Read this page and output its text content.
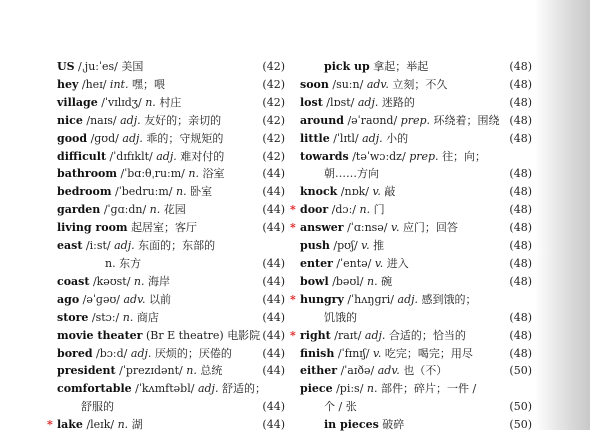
US /ˌjuːˈes/ 美国	(42)
hey /heɪ/ int. 嘿；喂	(42)
village /ˈvɪlɪdʒ/ n. 村庄	(42)
nice /naɪs/ adj. 友好的；亲切的	(42)
good /ɡʊd/ adj. 乖的；守规矩的	(42)
difficult /ˈdɪfɪklt/ adj. 难对付的	(42)
bathroom /ˈbɑːθˌruːm/ n. 浴室	(44)
bedroom /ˈbedruːm/ n. 卧室	(44)
garden /ˈɡɑːdn/ n. 花园	(44)
living room 起居室；客厅	(44)
east /iːst/ adj. 东面的；东部的
n. 东方	(44)
coast /kəʊst/ n. 海岸	(44)
ago /əˈɡəʊ/ adv. 以前	(44)
store /stɔː/ n. 商店	(44)
movie theater (Br E theatre) 电影院 (44)
bored /bɔːd/ adj. 厌烦的；厌倦的	(44)
president /ˈprezɪdənt/ n. 总统	(44)
comfortable /ˈkʌmftəbl/ adj. 舒适的；
舒服的	(44)
* lake /leɪk/ n. 湖	(44)
pick up 拿起；举起	(48)
soon /suːn/ adv. 立刻；不久	(48)
lost /lɒst/ adj. 迷路的	(48)
around /əˈraʊnd/ prep. 环绕着；围绕 (48)
little /ˈlɪtl/ adj. 小的	(48)
towards /təˈwɔːdz/ prep. 往；向；
朝……方向	(48)
knock /nɒk/ v. 敲	(48)
* door /dɔː/ n. 门	(48)
* answer /ˈɑːnsə/ v. 应门；回答	(48)
push /pʊʃ/ v. 推	(48)
enter /ˈentə/ v. 进入	(48)
bowl /bəʊl/ n. 碗	(48)
* hungry /ˈhʌŋɡri/ adj. 感到饿的；
饥饿的	(48)
* right /raɪt/ adj. 合适的；恰当的	(48)
finish /ˈfɪnɪʃ/ v. 吃完；喝完；用尽	(48)
either /ˈaɪðə/ adv. 也（不）	(50)
piece /piːs/ n. 部件；碎片；一件 /
个 / 张	(50)
in pieces 破碎	(50)
